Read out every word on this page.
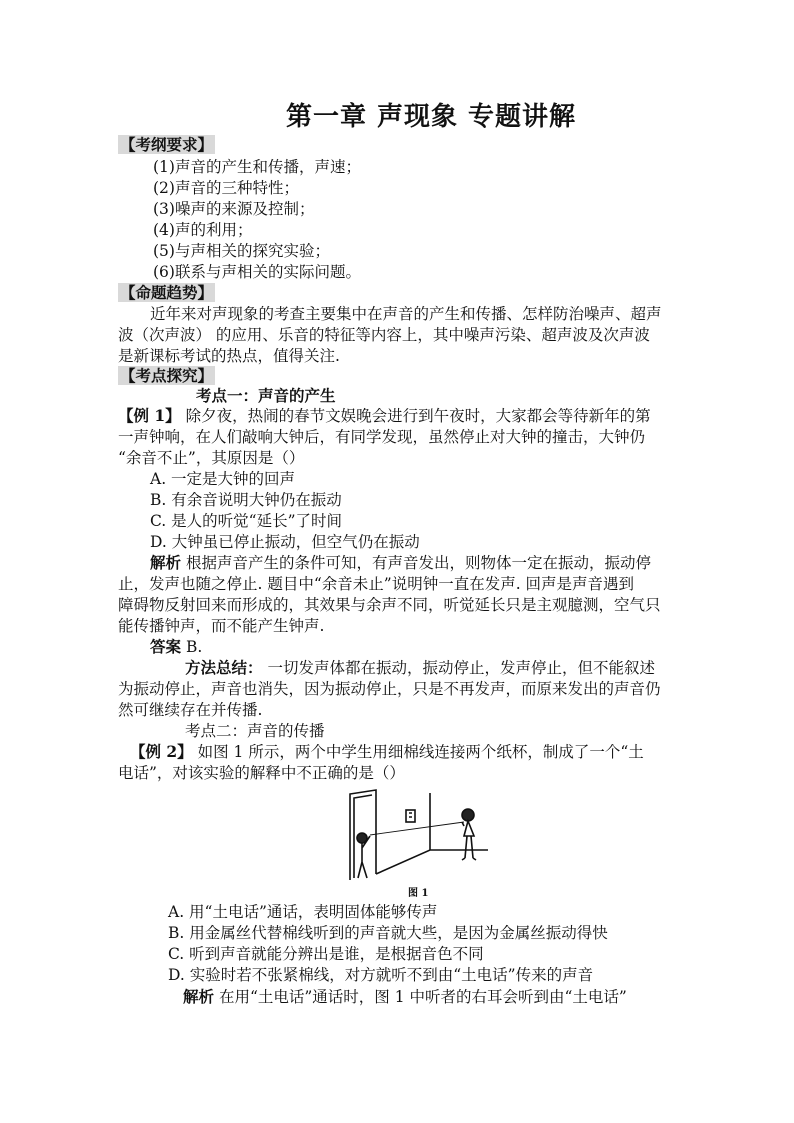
第一章 声现象 专题讲解
【考纲要求】
(1)声音的产生和传播，声速；
(2)声音的三种特性；
(3)噪声的来源及控制；
(4)声的利用；
(5)与声相关的探究实验；
(6)联系与声相关的实际问题。
【命题趋势】
近年来对声现象的考查主要集中在声音的产生和传播、怎样防治噪声、超声
波（次声波） 的应用、乐音的特征等内容上，其中噪声污染、超声波及次声波
是新课标考试的热点，值得关注.
【考点探究】
考点一：声音的产生
【例 1】 除夕夜，热闹的春节文娱晚会进行到午夜时，大家都会等待新年的第
一声钟响，在人们敲响大钟后，有同学发现，虽然停止对大钟的撞击，大钟仍
“余音不止”，其原因是（）
A. 一定是大钟的回声
B. 有余音说明大钟仍在振动
C. 是人的听觉“延长”了时间
D. 大钟虽已停止振动，但空气仍在振动
解析 根据声音产生的条件可知，有声音发出，则物体一定在振动，振动停
止，发声也随之停止. 题目中“余音未止”说明钟一直在发声. 回声是声音遇到
障碍物反射回来而形成的，其效果与余声不同，听觉延长只是主观臆测，空气只
能传播钟声，而不能产生钟声.
答案 B.
方法总结： 一切发声体都在振动，振动停止，发声停止，但不能叙述
为振动停止，声音也消失，因为振动停止，只是不再发声，而原来发出的声音仍
然可继续存在并传播.
考点二：声音的传播
【例 2】 如图 1 所示，两个中学生用细棉线连接两个纸杯，制成了一个“土
电话”，对该实验的解释中不正确的是（）
图 1
A. 用“土电话”通话，表明固体能够传声
B. 用金属丝代替棉线听到的声音就大些，是因为金属丝振动得快
C. 听到声音就能分辨出是谁，是根据音色不同
D. 实验时若不张紧棉线，对方就听不到由“土电话”传来的声音
解析 在用“土电话”通话时，图 1 中听者的右耳会听到由“土电话”
